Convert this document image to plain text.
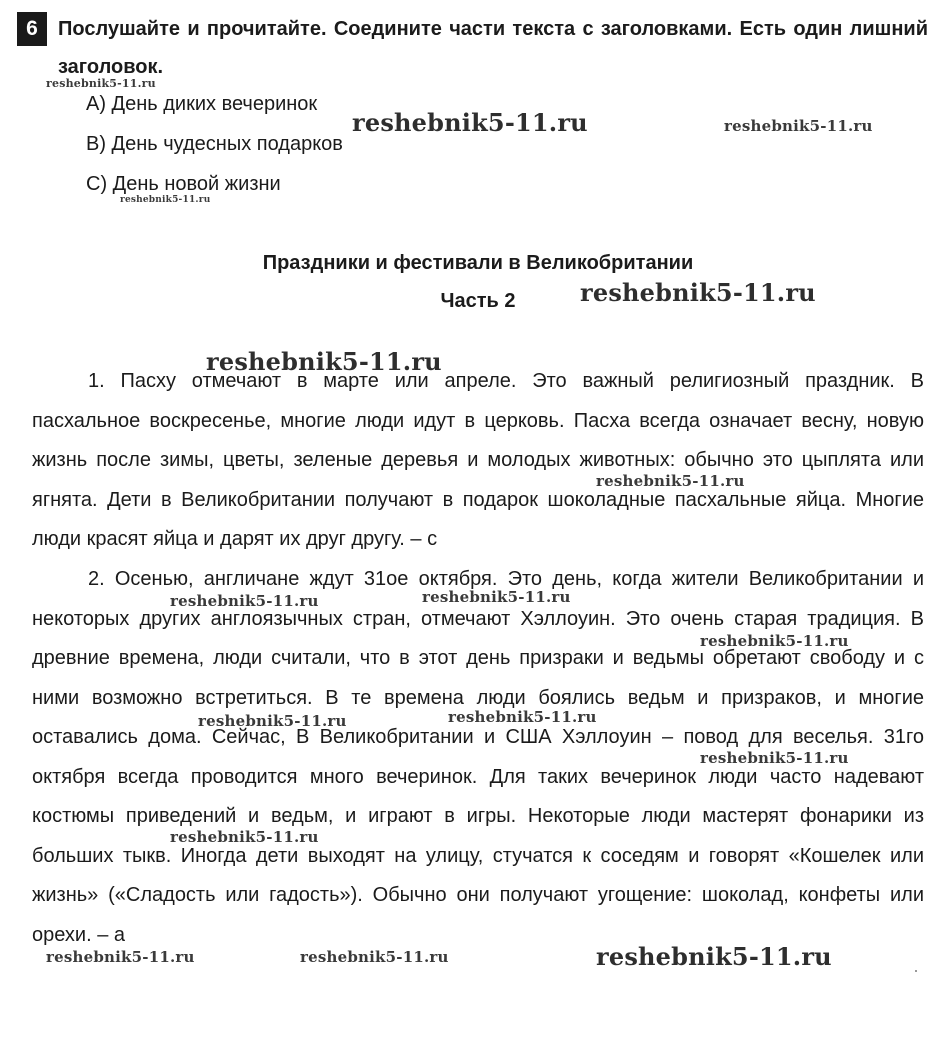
6	Послушайте и прочитайте. Соедините части текста с заголовками. Есть один лишний заголовок.
A) День диких вечеринок
B) День чудесных подарков
C) День новой жизни
Праздники и фестивали в Великобритании
Часть 2
1. Пасху отмечают в марте или апреле. Это важный религиозный праздник. В пасхальное воскресенье, многие люди идут в церковь. Пасха всегда означает весну, новую жизнь после зимы, цветы, зеленые деревья и молодых животных: обычно это цыплята или ягнята. Дети в Великобритании получают в подарок шоколадные пасхальные яйца. Многие люди красят яйца и дарят их друг другу. – с
2. Осенью, англичане ждут 31ое октября. Это день, когда жители Великобритании и некоторых других англоязычных стран, отмечают Хэллоуин. Это очень старая традиция. В древние времена, люди считали, что в этот день призраки и ведьмы обретают свободу и с ними возможно встретиться. В те времена люди боялись ведьм и призраков, и многие оставались дома. Сейчас, В Великобритании и США Хэллоуин – повод для веселья. 31го октября всегда проводится много вечеринок. Для таких вечеринок люди часто надевают костюмы приведений и ведьм, и играют в игры. Некоторые люди мастерят фонарики из больших тыкв. Иногда дети выходят на улицу, стучатся к соседям и говорят «Кошелек или жизнь» («Сладость или гадость»). Обычно они получают угощение: шоколад, конфеты или орехи. – а
reshebnik5-11.ru
reshebnik5-11.ru	reshebnik5-11.ru
reshebnik5-11.ru
reshebnik5-11.ru
reshebnik5-11.ru
reshebnik5-11.ru
reshebnik5-11.ru	reshebnik5-11.ru
reshebnik5-11.ru
reshebnik5-11.ru	reshebnik5-11.ru
reshebnik5-11.ru
reshebnik5-11.ru
reshebnik5-11.ru	reshebnik5-11.ru	reshebnik5-11.ru
